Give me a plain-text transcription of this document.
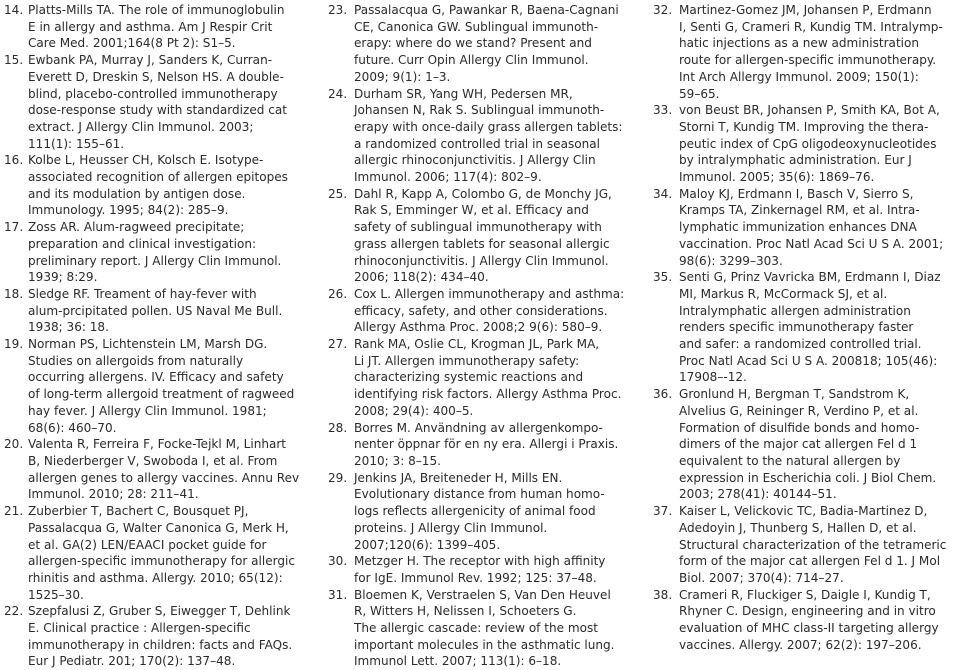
14. Platts-Mills TA. The role of immunoglobulin
E in allergy and asthma. Am J Respir Crit
Care Med. 2001;164(8 Pt 2): S1–5.
15. Ewbank PA, Murray J, Sanders K, Curran-
Everett D, Dreskin S, Nelson HS. A double-
blind, placebo-controlled immunotherapy
dose-response study with standardized cat
extract. J Allergy Clin Immunol. 2003;
111(1): 155–61.
16. Kolbe L, Heusser CH, Kolsch E. Isotype-
associated recognition of allergen epitopes
and its modulation by antigen dose.
Immunology. 1995; 84(2): 285–9.
17. Zoss AR. Alum-ragweed precipitate;
preparation and clinical investigation:
preliminary report. J Allergy Clin Immunol.
1939; 8:29.
18. Sledge RF. Treament of hay-fever with
alum-prcipitated pollen. US Naval Me Bull.
1938; 36: 18.
19. Norman PS, Lichtenstein LM, Marsh DG.
Studies on allergoids from naturally
occurring allergens. IV. Efficacy and safety
of long-term allergoid treatment of ragweed
hay fever. J Allergy Clin Immunol. 1981;
68(6): 460–70.
20. Valenta R, Ferreira F, Focke-Tejkl M, Linhart
B, Niederberger V, Swoboda I, et al. From
allergen genes to allergy vaccines. Annu Rev
Immunol. 2010; 28: 211–41.
21. Zuberbier T, Bachert C, Bousquet PJ,
Passalacqua G, Walter Canonica G, Merk H,
et al. GA(2) LEN/EAACI pocket guide for
allergen-specific immunotherapy for allergic
rhinitis and asthma. Allergy. 2010; 65(12):
1525–30.
22. Szepfalusi Z, Gruber S, Eiwegger T, Dehlink
E. Clinical practice : Allergen-specific
immunotherapy in children: facts and FAQs.
Eur J Pediatr. 201; 170(2): 137–48.
23. Passalacqua G, Pawankar R, Baena-Cagnani
CE, Canonica GW. Sublingual immunoth-
erapy: where do we stand? Present and
future. Curr Opin Allergy Clin Immunol.
2009; 9(1): 1–3.
24. Durham SR, Yang WH, Pedersen MR,
Johansen N, Rak S. Sublingual immunoth-
erapy with once-daily grass allergen tablets:
a randomized controlled trial in seasonal
allergic rhinoconjunctivitis. J Allergy Clin
Immunol. 2006; 117(4): 802–9.
25. Dahl R, Kapp A, Colombo G, de Monchy JG,
Rak S, Emminger W, et al. Efficacy and
safety of sublingual immunotherapy with
grass allergen tablets for seasonal allergic
rhinoconjunctivitis. J Allergy Clin Immunol.
2006; 118(2): 434–40.
26. Cox L. Allergen immunotherapy and asthma:
efficacy, safety, and other considerations.
Allergy Asthma Proc. 2008;2 9(6): 580–9.
27. Rank MA, Oslie CL, Krogman JL, Park MA,
Li JT. Allergen immunotherapy safety:
characterizing systemic reactions and
identifying risk factors. Allergy Asthma Proc.
2008; 29(4): 400–5.
28. Borres M. Användning av allergenkompo-
nenter öppnar för en ny era. Allergi i Praxis.
2010; 3: 8–15.
29. Jenkins JA, Breiteneder H, Mills EN.
Evolutionary distance from human homo-
logs reflects allergenicity of animal food
proteins. J Allergy Clin Immunol.
2007;120(6): 1399–405.
30. Metzger H. The receptor with high affinity
for IgE. Immunol Rev. 1992; 125: 37–48.
31. Bloemen K, Verstraelen S, Van Den Heuvel
R, Witters H, Nelissen I, Schoeters G.
The allergic cascade: review of the most
important molecules in the asthmatic lung.
Immunol Lett. 2007; 113(1): 6–18.
32. Martinez-Gomez JM, Johansen P, Erdmann
I, Senti G, Crameri R, Kundig TM. Intralymp-
hatic injections as a new administration
route for allergen-specific immunotherapy.
Int Arch Allergy Immunol. 2009; 150(1):
59–65.
33. von Beust BR, Johansen P, Smith KA, Bot A,
Storni T, Kundig TM. Improving the thera-
peutic index of CpG oligodeoxynucleotides
by intralymphatic administration. Eur J
Immunol. 2005; 35(6): 1869–76.
34. Maloy KJ, Erdmann I, Basch V, Sierro S,
Kramps TA, Zinkernagel RM, et al. Intra-
lymphatic immunization enhances DNA
vaccination. Proc Natl Acad Sci U S A. 2001;
98(6): 3299–303.
35. Senti G, Prinz Vavricka BM, Erdmann I, Diaz
MI, Markus R, McCormack SJ, et al.
Intralymphatic allergen administration
renders specific immunotherapy faster
and safer: a randomized controlled trial.
Proc Natl Acad Sci U S A. 200818; 105(46):
17908–-12.
36. Gronlund H, Bergman T, Sandstrom K,
Alvelius G, Reininger R, Verdino P, et al.
Formation of disulfide bonds and homo-
dimers of the major cat allergen Fel d 1
equivalent to the natural allergen by
expression in Escherichia coli. J Biol Chem.
2003; 278(41): 40144–51.
37. Kaiser L, Velickovic TC, Badia-Martinez D,
Adedoyin J, Thunberg S, Hallen D, et al.
Structural characterization of the tetrameric
form of the major cat allergen Fel d 1. J Mol
Biol. 2007; 370(4): 714–27.
38. Crameri R, Fluckiger S, Daigle I, Kundig T,
Rhyner C. Design, engineering and in vitro
evaluation of MHC class-II targeting allergy
vaccines. Allergy. 2007; 62(2): 197–206.
